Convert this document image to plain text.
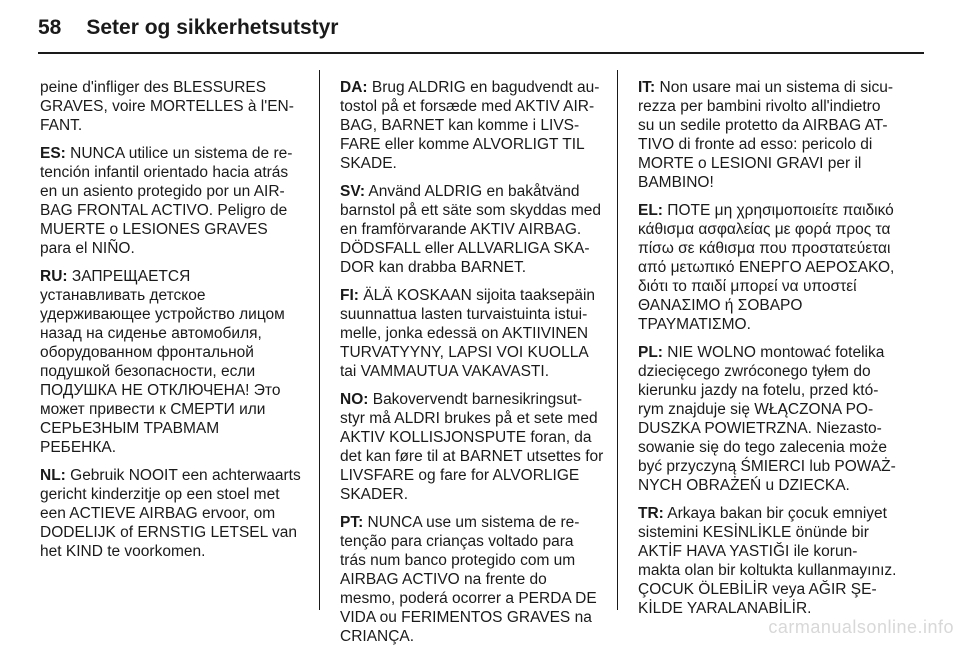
58 Seter og sikkerhetsutstyr

peine d'infliger des BLESSURES
GRAVES, voire MORTELLES à l'EN-
FANT.

ES: NUNCA utilice un sistema de re-
tención infantil orientado hacia atrás
en un asiento protegido por un AIR-
BAG FRONTAL ACTIVO. Peligro de
MUERTE o LESIONES GRAVES
para el NIÑO.

RU: ЗАПРЕЩАЕТСЯ
устанавливать детское
удерживающее устройство лицом
назад на сиденье автомобиля,
оборудованном фронтальной
подушкой безопасности, если
ПОДУШКА НЕ ОТКЛЮЧЕНА! Это
может привести к СМЕРТИ или
СЕРЬЕЗНЫМ ТРАВМАМ
РЕБЕНКА.

NL: Gebruik NOOIT een achterwaarts
gericht kinderzitje op een stoel met
een ACTIEVE AIRBAG ervoor, om
DODELIJK of ERNSTIG LETSEL van
het KIND te voorkomen.

DA: Brug ALDRIG en bagudvendt au-
tostol på et forsæde med AKTIV AIR-
BAG, BARNET kan komme i LIVS-
FARE eller komme ALVORLIGT TIL
SKADE.

SV: Använd ALDRIG en bakåtvänd
barnstol på ett säte som skyddas med
en framförvarande AKTIV AIRBAG.
DÖDSFALL eller ALLVARLIGA SKA-
DOR kan drabba BARNET.

FI: ÄLÄ KOSKAAN sijoita taaksepäin
suunnattua lasten turvaistuinta istui-
melle, jonka edessä on AKTIIVINEN
TURVATYYNY, LAPSI VOI KUOLLA
tai VAMMAUTUA VAKAVASTI.

NO: Bakovervendt barnesikringsut-
styr må ALDRI brukes på et sete med
AKTIV KOLLISJONSPUTE foran, da
det kan føre til at BARNET utsettes for
LIVSFARE og fare for ALVORLIGE
SKADER.

PT: NUNCA use um sistema de re-
tenção para crianças voltado para
trás num banco protegido com um
AIRBAG ACTIVO na frente do
mesmo, poderá ocorrer a PERDA DE
VIDA ou FERIMENTOS GRAVES na
CRIANÇA.

IT: Non usare mai un sistema di sicu-
rezza per bambini rivolto all'indietro
su un sedile protetto da AIRBAG AT-
TIVO di fronte ad esso: pericolo di
MORTE o LESIONI GRAVI per il
BAMBINO!

EL: ΠΟΤΕ μη χρησιμοποιείτε παιδικό
κάθισμα ασφαλείας με φορά προς τα
πίσω σε κάθισμα που προστατεύεται
από μετωπικό ΕΝΕΡΓΟ ΑΕΡΟΣΑΚΟ,
διότι το παιδί μπορεί να υποστεί
ΘΑΝΑΣΙΜΟ ή ΣΟΒΑΡΟ
ΤΡΑΥΜΑΤΙΣΜΟ.

PL: NIE WOLNO montować fotelika
dziecięcego zwróconego tyłem do
kierunku jazdy na fotelu, przed któ-
rym znajduje się WŁĄCZONA PO-
DUSZKA POWIETRZNA. Niezasto-
sowanie się do tego zalecenia może
być przyczyną ŚMIERCI lub POWAŻ-
NYCH OBRAŻEŃ u DZIECKA.

TR: Arkaya bakan bir çocuk emniyet
sistemini KESİNLİKLE önünde bir
AKTİF HAVA YASTIĞI ile korun-
makta olan bir koltukta kullanmayınız.
ÇOCUK ÖLEBİLİR veya AĞIR ŞE-
KİLDE YARALANABİLİR.

carmanualsonline.info
